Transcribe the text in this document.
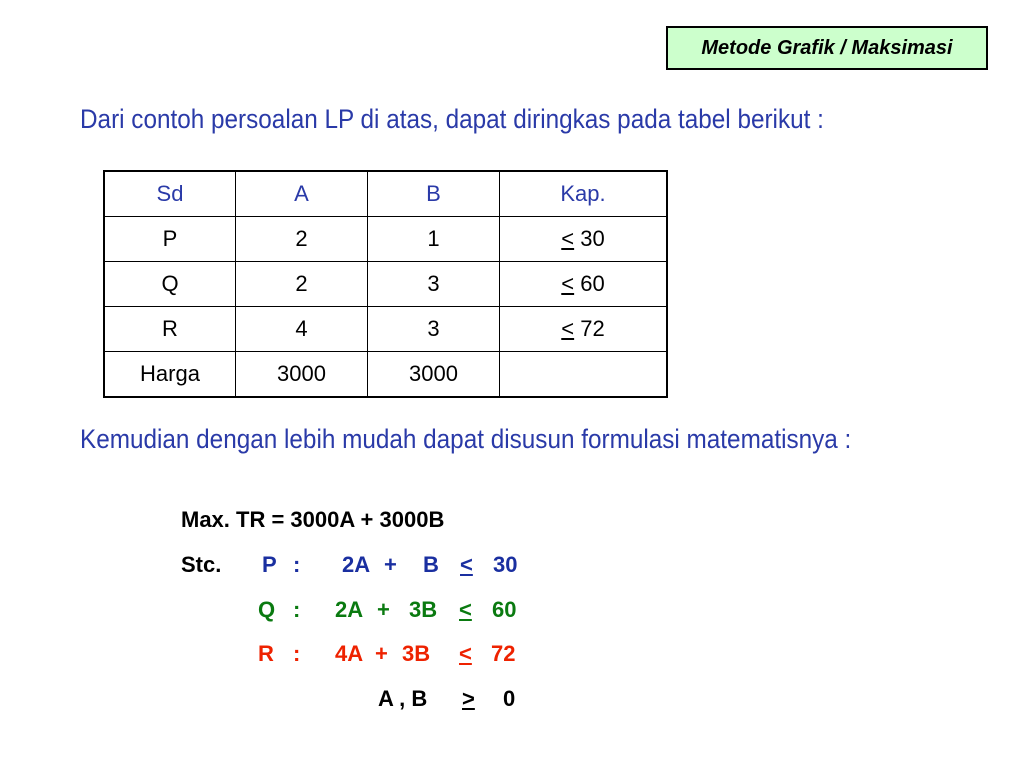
Metode Grafik / Maksimasi
Dari contoh persoalan LP di atas, dapat diringkas pada tabel berikut :
Sd	A	B	Kap.
P	2	1	≤ 30
Q	2	3	≤ 60
R	4	3	≤ 72
Harga	3000	3000	
Kemudian dengan lebih mudah dapat disusun formulasi matematisnya :
Max. TR = 3000A + 3000B
Stc. P : 2A + B < 30
Q : 2A + 3B < 60
R : 4A + 3B < 72
A , B > 0
